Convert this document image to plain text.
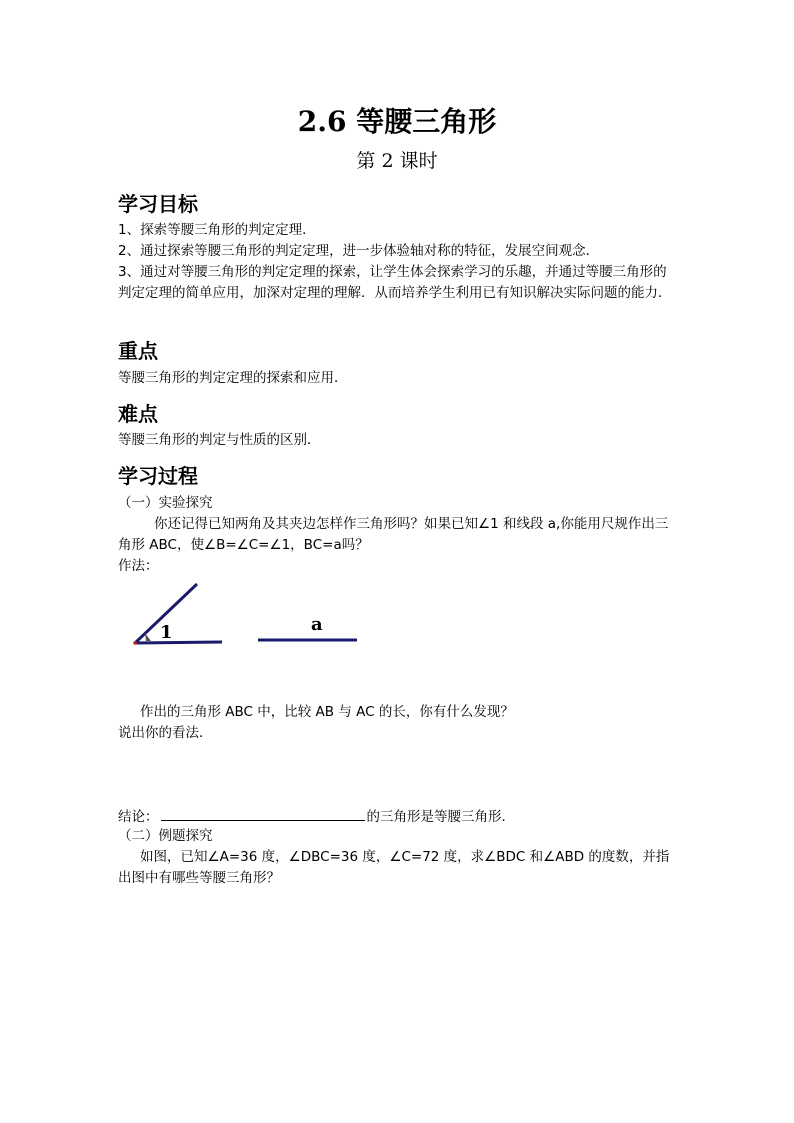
2.6 等腰三角形
第 2 课时
学习目标
1、探索等腰三角形的判定定理．
2、通过探索等腰三角形的判定定理，进一步体验轴对称的特征，发展空间观念．
3、通过对等腰三角形的判定定理的探索，让学生体会探索学习的乐趣，并通过等腰三角形的判定定理的简单应用，加深对定理的理解．从而培养学生利用已有知识解决实际问题的能力．
重点
等腰三角形的判定定理的探索和应用．
难点
等腰三角形的判定与性质的区别．
学习过程
（一）实验探究
你还记得已知两角及其夹边怎样作三角形吗？如果已知∠1 和线段 a,你能用尺规作出三角形 ABC，使∠B=∠C=∠1，BC=a吗？
作法：
1	a
作出的三角形 ABC 中，比较 AB 与 AC 的长，你有什么发现？
说出你的看法．
结论：	的三角形是等腰三角形．
（二）例题探究
如图，已知∠A=36 度，∠DBC=36 度，∠C=72 度，求∠BDC 和∠ABD 的度数，并指出图中有哪些等腰三角形？
